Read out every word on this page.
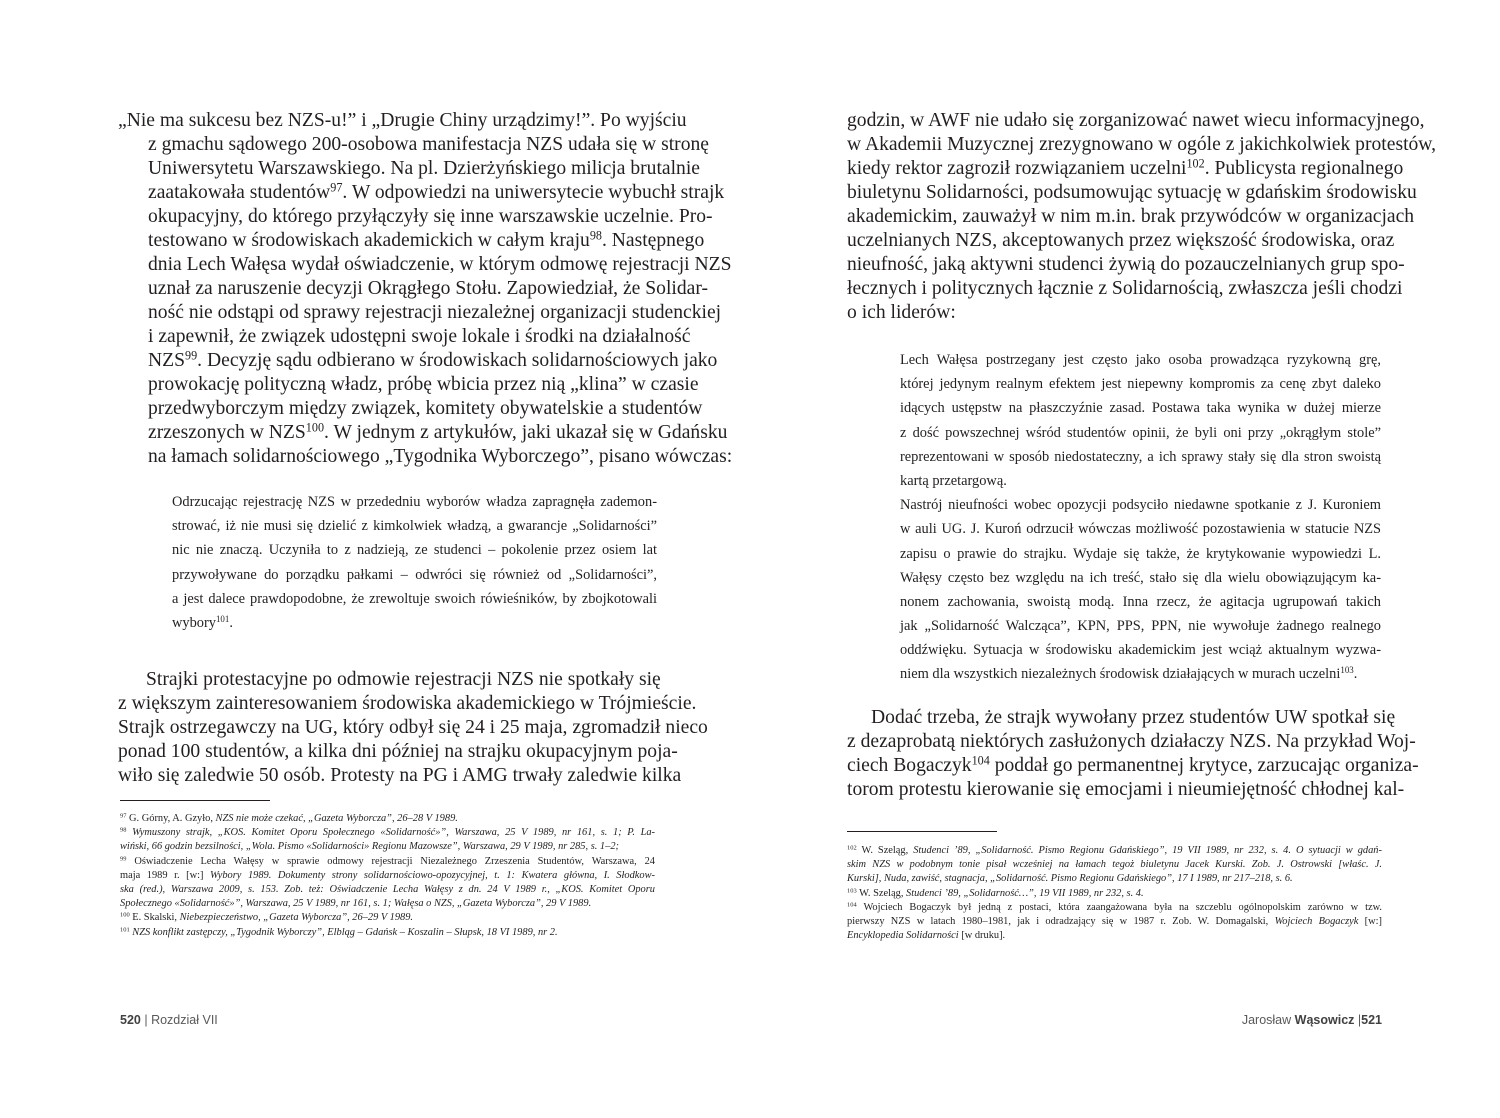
„Nie ma sukcesu bez NZS-u!” i „Drugie Chiny urządzimy!”. Po wyjściu
z gmachu sądowego 200-osobowa manifestacja NZS udała się w stronę
Uniwersytetu Warszawskiego. Na pl. Dzierżyńskiego milicja brutalnie
zaatakowała studentów$^{97}$. W odpowiedzi na uniwersytecie wybuchł strajk
okupacyjny, do którego przyłączyły się inne warszawskie uczelnie. Pro-
testowano w środowiskach akademickich w całym kraju$^{98}$. Następnego
dnia Lech Wałęsa wydał oświadczenie, w którym odmowę rejestracji NZS
uznał za naruszenie decyzji Okrągłego Stołu. Zapowiedział, że Solidar-
ność nie odstąpi od sprawy rejestracji niezależnej organizacji studenckiej
i zapewnił, że związek udostępni swoje lokale i środki na działalność
NZS$^{99}$. Decyzję sądu odbierano w środowiskach solidarnościowych jako
prowokację polityczną władz, próbę wbicia przez nią „klina” w czasie
przedwyborczym między związek, komitety obywatelskie a studentów
zrzeszonych w NZS$^{100}$. W jednym z artykułów, jaki ukazał się w Gdańsku
na łamach solidarnościowego „Tygodnika Wyborczego”, pisano wówczas:
Odrzucając rejestrację NZS w przededniu wyborów władza zapragnęła zademon-
strować, iż nie musi się dzielić z kimkolwiek władzą, a gwarancje „Solidarności”
nic nie znaczą. Uczyniła to z nadzieją, ze studenci – pokolenie przez osiem lat
przywoływane do porządku pałkami – odwróci się również od „Solidarności”,
a jest dalece prawdopodobne, że zrewoltuje swoich rówieśników, by zbojkotowali
wybory$^{101}$.
Strajki protestacyjne po odmowie rejestracji NZS nie spotkały się
z większym zainteresowaniem środowiska akademickiego w Trójmieście.
Strajk ostrzegawczy na UG, który odbył się 24 i 25 maja, zgromadził nieco
ponad 100 studentów, a kilka dni później na strajku okupacyjnym poja-
wiło się zaledwie 50 osób. Protesty na PG i AMG trwały zaledwie kilka
$^{97}$ G. Górny, A. Gzyło, NZS nie może czekać, „Gazeta Wyborcza”, 26–28 V 1989.
$^{98}$ Wymuszony strajk, „KOS. Komitet Oporu Społecznego «Solidarność»”, Warszawa, 25 V 1989, nr 161, s. 1; P. La-
wiński, 66 godzin bezsilności, „Wola. Pismo «Solidarności» Regionu Mazowsze”, Warszawa, 29 V 1989, nr 285, s. 1–2;
$^{99}$ Oświadczenie Lecha Wałęsy w sprawie odmowy rejestracji Niezależnego Zrzeszenia Studentów, Warszawa, 24
maja 1989 r. [w:] Wybory 1989. Dokumenty strony solidarnościowo-opozycyjnej, t. 1: Kwatera główna, I. Słodkow-
ska (red.), Warszawa 2009, s. 153. Zob. też: Oświadczenie Lecha Wałęsy z dn. 24 V 1989 r., „KOS. Komitet Oporu
Społecznego «Solidarność»”, Warszawa, 25 V 1989, nr 161, s. 1; Wałęsa o NZS, „Gazeta Wyborcza”, 29 V 1989.
$^{100}$ E. Skalski, Niebezpieczeństwo, „Gazeta Wyborcza”, 26–29 V 1989.
$^{101}$ NZS konflikt zastępczy, „Tygodnik Wyborczy”, Elbląg – Gdańsk – Koszalin – Słupsk, 18 VI 1989, nr 2.
520 | Rozdział VII
godzin, w AWF nie udało się zorganizować nawet wiecu informacyjnego,
w Akademii Muzycznej zrezygnowano w ogóle z jakichkolwiek protestów,
kiedy rektor zagroził rozwiązaniem uczelni$^{102}$. Publicysta regionalnego
biuletynu Solidarności, podsumowując sytuację w gdańskim środowisku
akademickim, zauważył w nim m.in. brak przywódców w organizacjach
uczelnianych NZS, akceptowanych przez większość środowiska, oraz
nieufność, jaką aktywni studenci żywią do pozauczelnianych grup spo-
łecznych i politycznych łącznie z Solidarnością, zwłaszcza jeśli chodzi
o ich liderów:
Lech Wałęsa postrzegany jest często jako osoba prowadząca ryzykowną grę,
której jedynym realnym efektem jest niepewny kompromis za cenę zbyt daleko
idących ustępstw na płaszczyźnie zasad. Postawa taka wynika w dużej mierze
z dość powszechnej wśród studentów opinii, że byli oni przy „okrągłym stole”
reprezentowani w sposób niedostateczny, a ich sprawy stały się dla stron swoistą
kartą przetargową.
Nastrój nieufności wobec opozycji podsyciło niedawne spotkanie z J. Kuroniem
w auli UG. J. Kuroń odrzucił wówczas możliwość pozostawienia w statucie NZS
zapisu o prawie do strajku. Wydaje się także, że krytykowanie wypowiedzi L.
Wałęsy często bez względu na ich treść, stało się dla wielu obowiązującym ka-
nonem zachowania, swoistą modą. Inna rzecz, że agitacja ugrupowań takich
jak „Solidarność Walcząca”, KPN, PPS, PPN, nie wywołuje żadnego realnego
oddźwięku. Sytuacja w środowisku akademickim jest wciąż aktualnym wyzwa-
niem dla wszystkich niezależnych środowisk działających w murach uczelni$^{103}$.
Dodać trzeba, że strajk wywołany przez studentów UW spotkał się
z dezaprobatą niektórych zasłużonych działaczy NZS. Na przykład Woj-
ciech Bogaczyk$^{104}$ poddał go permanentnej krytyce, zarzucając organiza-
torom protestu kierowanie się emocjami i nieumiejętność chłodnej kal-
$^{102}$ W. Szeląg, Studenci ’89, „Solidarność. Pismo Regionu Gdańskiego”, 19 VII 1989, nr 232, s. 4. O sytuacji w gdań-
skim NZS w podobnym tonie pisał wcześniej na łamach tegoż biuletynu Jacek Kurski. Zob. J. Ostrowski [właśc. J.
Kurski], Nuda, zawiść, stagnacja, „Solidarność. Pismo Regionu Gdańskiego”, 17 I 1989, nr 217–218, s. 6.
$^{103}$ W. Szeląg, Studenci ’89, „Solidarność…”, 19 VII 1989, nr 232, s. 4.
$^{104}$ Wojciech Bogaczyk był jedną z postaci, która zaangażowana była na szczeblu ogólnopolskim zarówno w tzw.
pierwszy NZS w latach 1980–1981, jak i odradzający się w 1987 r. Zob. W. Domagalski, Wojciech Bogaczyk [w:]
Encyklopedia Solidarności [w druku].
Jarosław Wąsowicz |521
